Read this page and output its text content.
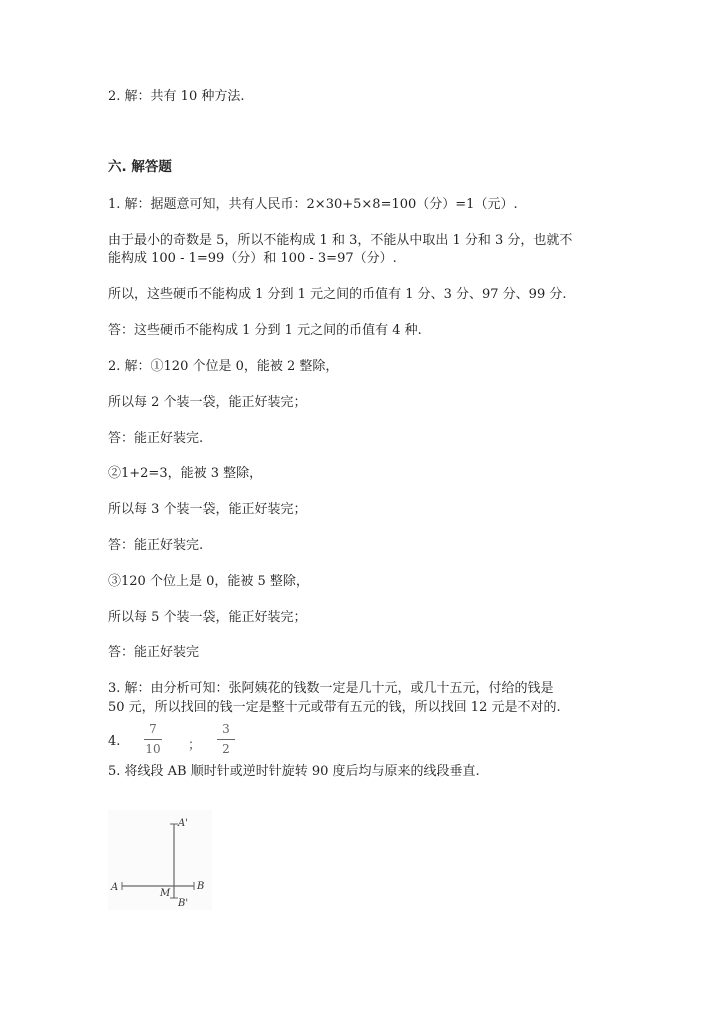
2. 解：共有 10 种方法.

六. 解答题

1. 解：据题意可知，共有人民币：2×30+5×8=100（分）=1（元）.

由于最小的奇数是 5，所以不能构成 1 和 3，不能从中取出 1 分和 3 分，也就不

能构成 100 - 1=99（分）和 100 - 3=97（分）.

所以，这些硬币不能构成 1 分到 1 元之间的币值有 1 分、3 分、97 分、99 分.

答：这些硬币不能构成 1 分到 1 元之间的币值有 4 种.

2. 解：①120 个位是 0，能被 2 整除，

所以每 2 个装一袋，能正好装完；

答：能正好装完.

②1+2=3，能被 3 整除，

所以每 3 个装一袋，能正好装完；

答：能正好装完.

③120 个位上是 0，能被 5 整除，

所以每 5 个装一袋，能正好装完；

答：能正好装完

3. 解：由分析可知：张阿姨花的钱数一定是几十元，或几十五元，付给的钱是

50 元，所以找回的钱一定是整十元或带有五元的钱，所以找回 12 元是不对的.

4.
7
10 ；
3
2

5. 将线段 AB 顺时针或逆时针旋转 90 度后均与原来的线段垂直.

A'
A
M
B
B'
